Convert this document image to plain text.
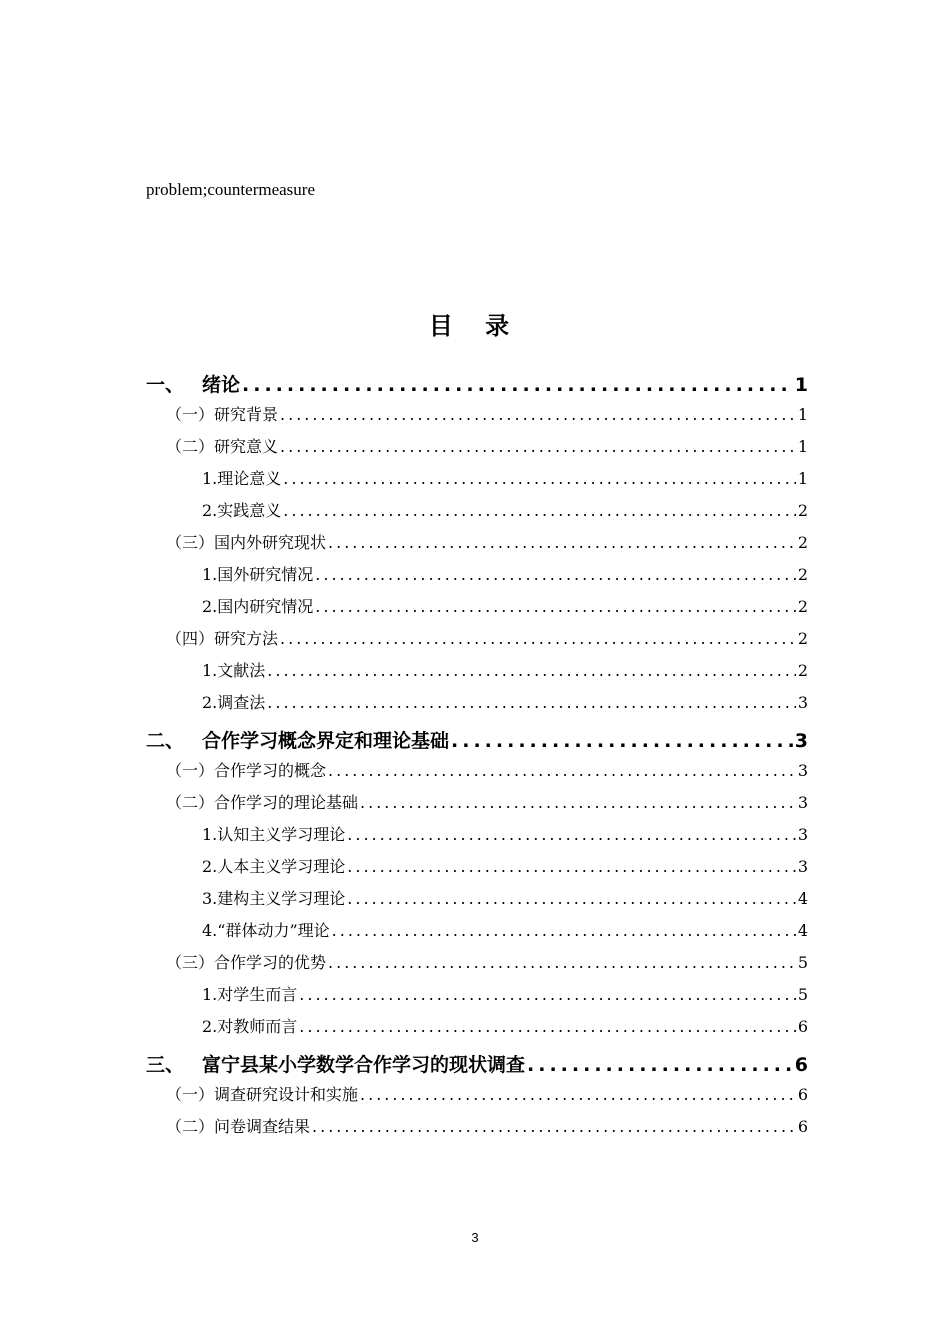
problem;countermeasure
目 录
一、 绪论 .....	1
（一）研究背景 .....	1
（二）研究意义 .....	1
1.理论意义 .....	1
2.实践意义 .....	2
（三）国内外研究现状 .....	2
1.国外研究情况 .....	2
2.国内研究情况 .....	2
（四）研究方法 .....	2
1.文献法 .....	2
2.调查法 .....	3
二、 合作学习概念界定和理论基础 .....	3
（一）合作学习的概念 .....	3
（二）合作学习的理论基础 .....	3
1.认知主义学习理论 .....	3
2.人本主义学习理论 .....	3
3.建构主义学习理论 .....	4
4.“群体动力”理论 .....	4
（三）合作学习的优势 .....	5
1.对学生而言 .....	5
2.对教师而言 .....	6
三、 富宁县某小学数学合作学习的现状调查 .....	6
（一）调查研究设计和实施 .....	6
（二）问卷调查结果 .....	6
3
